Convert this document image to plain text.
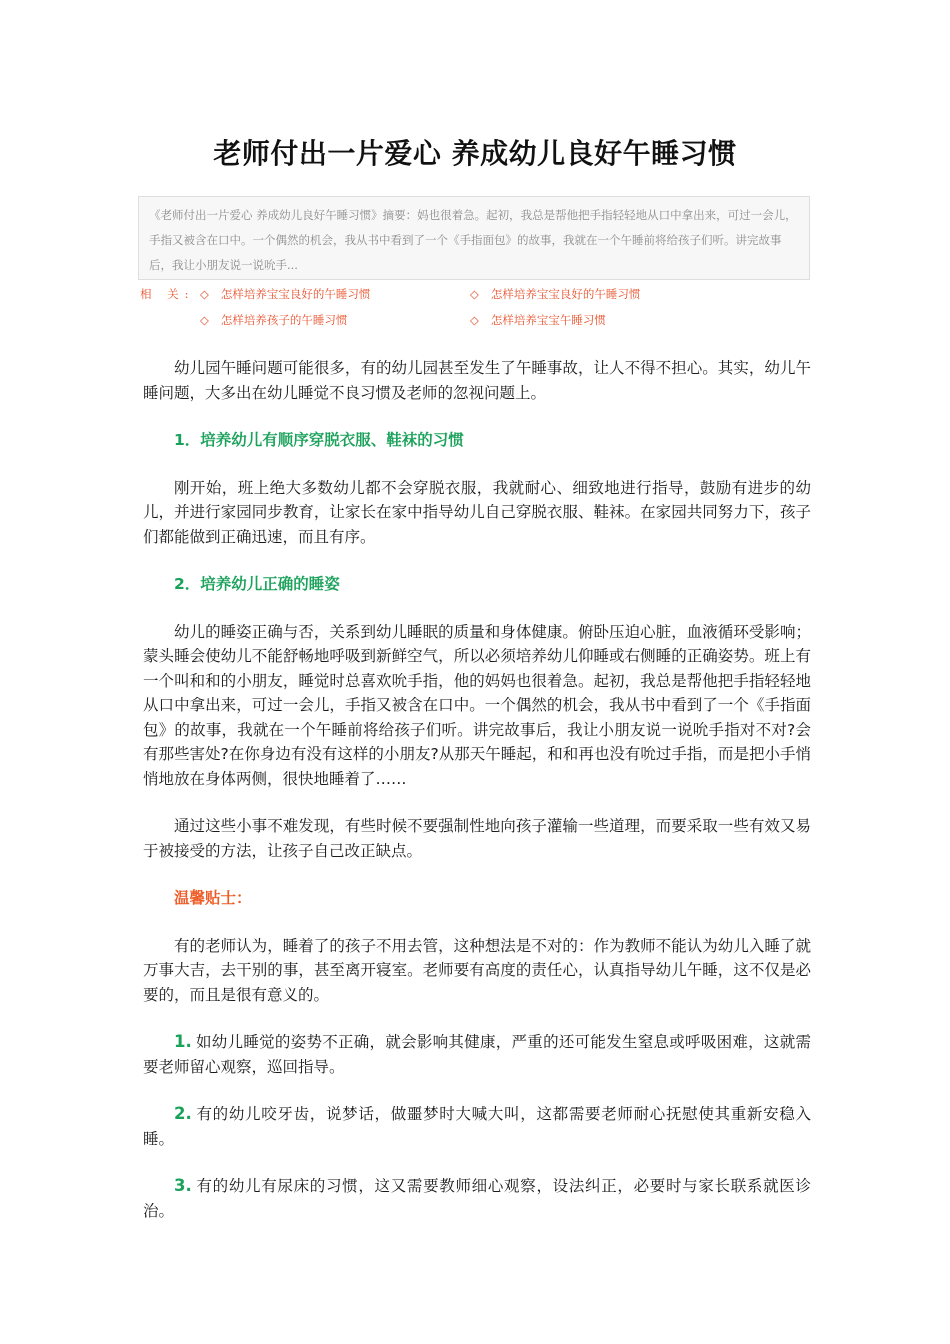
老师付出一片爱心 养成幼儿良好午睡习惯
《老师付出一片爱心 养成幼儿良好午睡习惯》摘要：妈也很着急。起初，我总是帮他把手指轻轻地从口中拿出来，可过一会儿，手指又被含在口中。一个偶然的机会，我从书中看到了一个《手指面包》的故事，我就在一个午睡前将给孩子们听。讲完故事后，我让小朋友说一说吮手...
相 关: ◇ 怎样培养宝宝良好的午睡习惯	◇ 怎样培养宝宝良好的午睡习惯
◇ 怎样培养孩子的午睡习惯	◇ 怎样培养宝宝午睡习惯

幼儿园午睡问题可能很多，有的幼儿园甚至发生了午睡事故，让人不得不担心。其实，幼儿午睡问题，大多出在幼儿睡觉不良习惯及老师的忽视问题上。

1．培养幼儿有顺序穿脱衣服、鞋袜的习惯

刚开始，班上绝大多数幼儿都不会穿脱衣服，我就耐心、细致地进行指导，鼓励有进步的幼儿，并进行家园同步教育，让家长在家中指导幼儿自己穿脱衣服、鞋袜。在家园共同努力下，孩子们都能做到正确迅速，而且有序。

2．培养幼儿正确的睡姿

幼儿的睡姿正确与否，关系到幼儿睡眠的质量和身体健康。俯卧压迫心脏，血液循环受影响；蒙头睡会使幼儿不能舒畅地呼吸到新鲜空气，所以必须培养幼儿仰睡或右侧睡的正确姿势。班上有一个叫和和的小朋友，睡觉时总喜欢吮手指，他的妈妈也很着急。起初，我总是帮他把手指轻轻地从口中拿出来，可过一会儿，手指又被含在口中。一个偶然的机会，我从书中看到了一个《手指面包》的故事，我就在一个午睡前将给孩子们听。讲完故事后，我让小朋友说一说吮手指对不对?会有那些害处?在你身边有没有这样的小朋友?从那天午睡起，和和再也没有吮过手指，而是把小手悄悄地放在身体两侧，很快地睡着了……

通过这些小事不难发现，有些时候不要强制性地向孩子灌输一些道理，而要采取一些有效又易于被接受的方法，让孩子自己改正缺点。

温馨贴士：

有的老师认为，睡着了的孩子不用去管，这种想法是不对的：作为教师不能认为幼儿入睡了就万事大吉，去干别的事，甚至离开寝室。老师要有高度的责任心，认真指导幼儿午睡，这不仅是必要的，而且是很有意义的。

1. 如幼儿睡觉的姿势不正确，就会影响其健康，严重的还可能发生窒息或呼吸困难，这就需要老师留心观察，巡回指导。

2. 有的幼儿咬牙齿，说梦话，做噩梦时大喊大叫，这都需要老师耐心抚慰使其重新安稳入睡。

3. 有的幼儿有尿床的习惯，这又需要教师细心观察，设法纠正，必要时与家长联系就医诊治。
